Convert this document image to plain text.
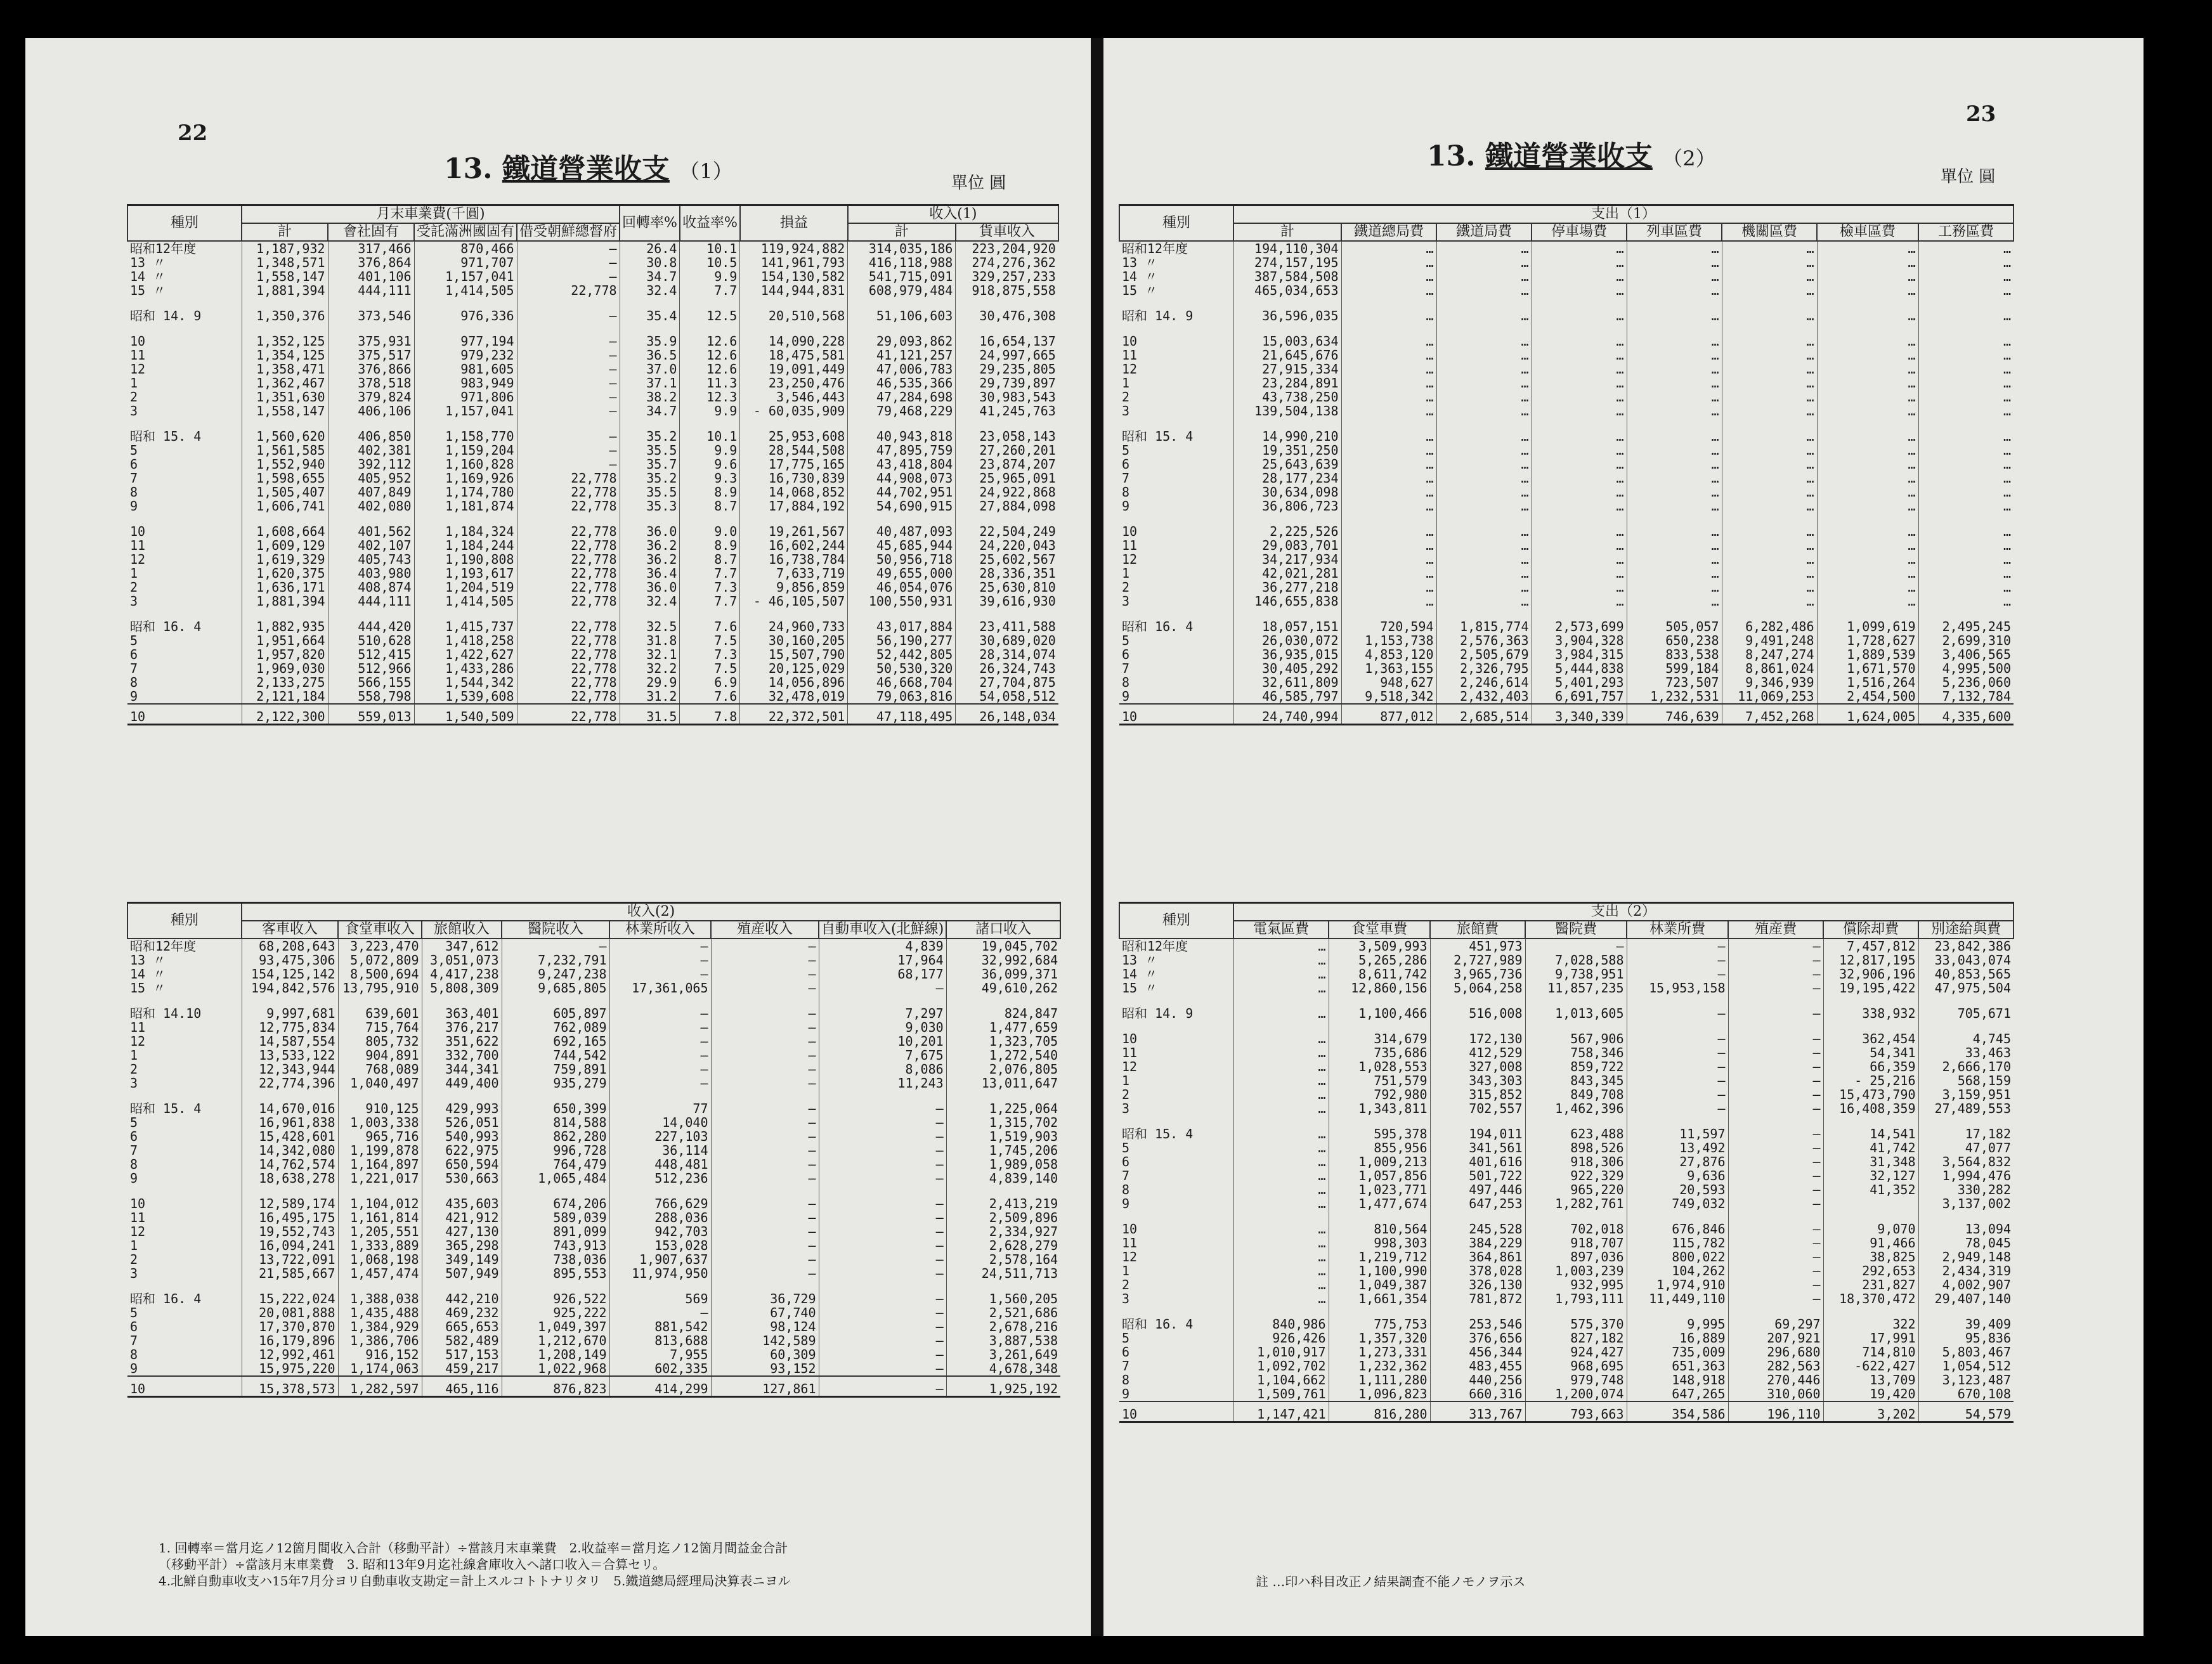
22
13. 鐵道營業收支 （1）	單位 圓
種別	月末車業費(千圓)				回轉率%	收益率%	損益	收入(1)	
	計	會社固有	受託滿洲國固有	借受朝鮮總督府				計	貨車收入
昭和12年度	1,187,932	317,466	870,466	—	26.4	10.1	119,924,882	314,035,186	223,204,920
13 〃	1,348,571	376,864	971,707	—	30.8	10.5	141,961,793	416,118,988	274,276,362
14 〃	1,558,147	401,106	1,157,041	—	34.7	9.9	154,130,582	541,715,091	329,257,233
15 〃	1,881,394	444,111	1,414,505	22,778	32.4	7.7	144,944,831	608,979,484	918,875,558

昭和 14. 9	1,350,376	373,546	976,336	—	35.4	12.5	20,510,568	51,106,603	30,476,308

10	1,352,125	375,931	977,194	—	35.9	12.6	14,090,228	29,093,862	16,654,137
11	1,354,125	375,517	979,232	—	36.5	12.6	18,475,581	41,121,257	24,997,665
12	1,358,471	376,866	981,605	—	37.0	12.6	19,091,449	47,006,783	29,235,805
1	1,362,467	378,518	983,949	—	37.1	11.3	23,250,476	46,535,366	29,739,897
2	1,351,630	379,824	971,806	—	38.2	12.3	3,546,443	47,284,698	30,983,543
3	1,558,147	406,106	1,157,041	—	34.7	9.9	- 60,035,909	79,468,229	41,245,763

昭和 15. 4	1,560,620	406,850	1,158,770	—	35.2	10.1	25,953,608	40,943,818	23,058,143
5	1,561,585	402,381	1,159,204	—	35.5	9.9	28,544,508	47,895,759	27,260,201
6	1,552,940	392,112	1,160,828	—	35.7	9.6	17,775,165	43,418,804	23,874,207
7	1,598,655	405,952	1,169,926	22,778	35.2	9.3	16,730,839	44,908,073	25,965,091
8	1,505,407	407,849	1,174,780	22,778	35.5	8.9	14,068,852	44,702,951	24,922,868
9	1,606,741	402,080	1,181,874	22,778	35.3	8.7	17,884,192	54,690,915	27,884,098

10	1,608,664	401,562	1,184,324	22,778	36.0	9.0	19,261,567	40,487,093	22,504,249
11	1,609,129	402,107	1,184,244	22,778	36.2	8.9	16,602,244	45,685,944	24,220,043
12	1,619,329	405,743	1,190,808	22,778	36.2	8.7	16,738,784	50,956,718	25,602,567
1	1,620,375	403,980	1,193,617	22,778	36.4	7.7	7,633,719	49,655,000	28,336,351
2	1,636,171	408,874	1,204,519	22,778	36.0	7.3	9,856,859	46,054,076	25,630,810
3	1,881,394	444,111	1,414,505	22,778	32.4	7.7	- 46,105,507	100,550,931	39,616,930

昭和 16. 4	1,882,935	444,420	1,415,737	22,778	32.5	7.6	24,960,733	43,017,884	23,411,588
5	1,951,664	510,628	1,418,258	22,778	31.8	7.5	30,160,205	56,190,277	30,689,020
6	1,957,820	512,415	1,422,627	22,778	32.1	7.3	15,507,790	52,442,805	28,314,074
7	1,969,030	512,966	1,433,286	22,778	32.2	7.5	20,125,029	50,530,320	26,324,743
8	2,133,275	566,155	1,544,342	22,778	29.9	6.9	14,056,896	46,668,704	27,704,875
9	2,121,184	558,798	1,539,608	22,778	31.2	7.6	32,478,019	79,063,816	54,058,512
10	2,122,300	559,013	1,540,509	22,778	31.5	7.8	22,372,501	47,118,495	26,148,034
種別	收入(2)							
	客車收入	食堂車收入	旅館收入	醫院收入	林業所收入	殖産收入	自動車收入(北鮮線)	諸口收入
昭和12年度	68,208,643	3,223,470	347,612	—	—	—	4,839	19,045,702
13 〃	93,475,306	5,072,809	3,051,073	7,232,791	—	—	17,964	32,992,684
14 〃	154,125,142	8,500,694	4,417,238	9,247,238	—	—	68,177	36,099,371
15 〃	194,842,576	13,795,910	5,808,309	9,685,805	17,361,065	—	—	49,610,262

昭和 14.10	9,997,681	639,601	363,401	605,897	—	—	7,297	824,847
11	12,775,834	715,764	376,217	762,089	—	—	9,030	1,477,659
12	14,587,554	805,732	351,622	692,165	—	—	10,201	1,323,705
1	13,533,122	904,891	332,700	744,542	—	—	7,675	1,272,540
2	12,343,944	768,089	344,341	759,891	—	—	8,086	2,076,805
3	22,774,396	1,040,497	449,400	935,279	—	—	11,243	13,011,647

昭和 15. 4	14,670,016	910,125	429,993	650,399	77	—	—	1,225,064
5	16,961,838	1,003,338	526,051	814,588	14,040	—	—	1,315,702
6	15,428,601	965,716	540,993	862,280	227,103	—	—	1,519,903
7	14,342,080	1,199,878	622,975	996,728	36,114	—	—	1,745,206
8	14,762,574	1,164,897	650,594	764,479	448,481	—	—	1,989,058
9	18,638,278	1,221,017	530,663	1,065,484	512,236	—	—	4,839,140

10	12,589,174	1,104,012	435,603	674,206	766,629	—	—	2,413,219
11	16,495,175	1,161,814	421,912	589,039	288,036	—	—	2,509,896
12	19,552,743	1,205,551	427,130	891,099	942,703	—	—	2,334,927
1	16,094,241	1,333,889	365,298	743,913	153,028	—	—	2,628,279
2	13,722,091	1,068,198	349,149	738,036	1,907,637	—	—	2,578,164
3	21,585,667	1,457,474	507,949	895,553	11,974,950	—	—	24,511,713

昭和 16. 4	15,222,024	1,388,038	442,210	926,522	569	36,729	—	1,560,205
5	20,081,888	1,435,488	469,232	925,222	—	67,740	—	2,521,686
6	17,370,870	1,384,929	665,653	1,049,397	881,542	98,124	—	2,678,216
7	16,179,896	1,386,706	582,489	1,212,670	813,688	142,589	—	3,887,538
8	12,992,461	916,152	517,153	1,208,149	7,955	60,309	—	3,261,649
9	15,975,220	1,174,063	459,217	1,022,968	602,335	93,152	—	4,678,348
10	15,378,573	1,282,597	465,116	876,823	414,299	127,861	—	1,925,192
1. 回轉率＝當月迄ノ12箇月間收入合計（移動平計）÷當該月末車業費　2.收益率＝當月迄ノ12箇月間益金合計
（移動平計）÷當該月末車業費　3. 昭和13年9月迄社線倉庫收入ヘ諸口收入＝合算セリ。
4.北鮮自動車收支ハ15年7月分ヨリ自動車收支勘定＝計上スルコトトナリタリ　5.鐵道總局經理局決算表ニヨル
23
13. 鐵道營業收支 （2）
單位 圓
種別	支出（1）							
	計	鐵道總局費	鐵道局費	停車場費	列車區費	機關區費	檢車區費	工務區費
昭和12年度	194,110,304	…	…	…	…	…	…	…
13 〃	274,157,195	…	…	…	…	…	…	…
14 〃	387,584,508	…	…	…	…	…	…	…
15 〃	465,034,653	…	…	…	…	…	…	…

昭和 14. 9	36,596,035	…	…	…	…	…	…	…

10	15,003,634	…	…	…	…	…	…	…
11	21,645,676	…	…	…	…	…	…	…
12	27,915,334	…	…	…	…	…	…	…
1	23,284,891	…	…	…	…	…	…	…
2	43,738,250	…	…	…	…	…	…	…
3	139,504,138	…	…	…	…	…	…	…

昭和 15. 4	14,990,210	…	…	…	…	…	…	…
5	19,351,250	…	…	…	…	…	…	…
6	25,643,639	…	…	…	…	…	…	…
7	28,177,234	…	…	…	…	…	…	…
8	30,634,098	…	…	…	…	…	…	…
9	36,806,723	…	…	…	…	…	…	…

10	2,225,526	…	…	…	…	…	…	…
11	29,083,701	…	…	…	…	…	…	…
12	34,217,934	…	…	…	…	…	…	…
1	42,021,281	…	…	…	…	…	…	…
2	36,277,218	…	…	…	…	…	…	…
3	146,655,838	…	…	…	…	…	…	…

昭和 16. 4	18,057,151	720,594	1,815,774	2,573,699	505,057	6,282,486	1,099,619	2,495,245
5	26,030,072	1,153,738	2,576,363	3,904,328	650,238	9,491,248	1,728,627	2,699,310
6	36,935,015	4,853,120	2,505,679	3,984,315	833,538	8,247,274	1,889,539	3,406,565
7	30,405,292	1,363,155	2,326,795	5,444,838	599,184	8,861,024	1,671,570	4,995,500
8	32,611,809	948,627	2,246,614	5,401,293	723,507	9,346,939	1,516,264	5,236,060
9	46,585,797	9,518,342	2,432,403	6,691,757	1,232,531	11,069,253	2,454,500	7,132,784
10	24,740,994	877,012	2,685,514	3,340,339	746,639	7,452,268	1,624,005	4,335,600
種別	支出（2）							
	電氣區費	食堂車費	旅館費	醫院費	林業所費	殖産費	償除却費	別途給與費
昭和12年度	…	3,509,993	451,973	—	—	—	7,457,812	23,842,386
13 〃	…	5,265,286	2,727,989	7,028,588	—	—	12,817,195	33,043,074
14 〃	…	8,611,742	3,965,736	9,738,951	—	—	32,906,196	40,853,565
15 〃	…	12,860,156	5,064,258	11,857,235	15,953,158	—	19,195,422	47,975,504

昭和 14. 9	…	1,100,466	516,008	1,013,605	—	—	338,932	705,671

10	…	314,679	172,130	567,906	—	—	362,454	4,745
11	…	735,686	412,529	758,346	—	—	54,341	33,463
12	…	1,028,553	327,008	859,722	—	—	66,359	2,666,170
1	…	751,579	343,303	843,345	—	—	- 25,216	568,159
2	…	792,980	315,852	849,708	—	—	15,473,790	3,159,951
3	…	1,343,811	702,557	1,462,396	—	—	16,408,359	27,489,553

昭和 15. 4	…	595,378	194,011	623,488	11,597	—	14,541	17,182
5	…	855,956	341,561	898,526	13,492	—	41,742	47,077
6	…	1,009,213	401,616	918,306	27,876	—	31,348	3,564,832
7	…	1,057,856	501,722	922,329	9,636	—	32,127	1,994,476
8	…	1,023,771	497,446	965,220	20,593	—	41,352	330,282
9	…	1,477,674	647,253	1,282,761	749,032	—		3,137,002

10	…	810,564	245,528	702,018	676,846	—	9,070	13,094
11	…	998,303	384,229	918,707	115,782	—	91,466	78,045
12	…	1,219,712	364,861	897,036	800,022	—	38,825	2,949,148
1	…	1,100,990	378,028	1,003,239	104,262	—	292,653	2,434,319
2	…	1,049,387	326,130	932,995	1,974,910	—	231,827	4,002,907
3	…	1,661,354	781,872	1,793,111	11,449,110	—	18,370,472	29,407,140

昭和 16. 4	840,986	775,753	253,546	575,370	9,995	69,297	322	39,409
5	926,426	1,357,320	376,656	827,182	16,889	207,921	17,991	95,836
6	1,010,917	1,273,331	456,344	924,427	735,009	296,680	714,810	5,803,467
7	1,092,702	1,232,362	483,455	968,695	651,363	282,563	-622,427	1,054,512
8	1,104,662	1,111,280	440,256	979,748	148,918	270,446	13,709	3,123,487
9	1,509,761	1,096,823	660,316	1,200,074	647,265	310,060	19,420	670,108
10	1,147,421	816,280	313,767	793,663	354,586	196,110	3,202	54,579
註 …印ハ科目改正ノ結果調査不能ノモノヲ示ス
